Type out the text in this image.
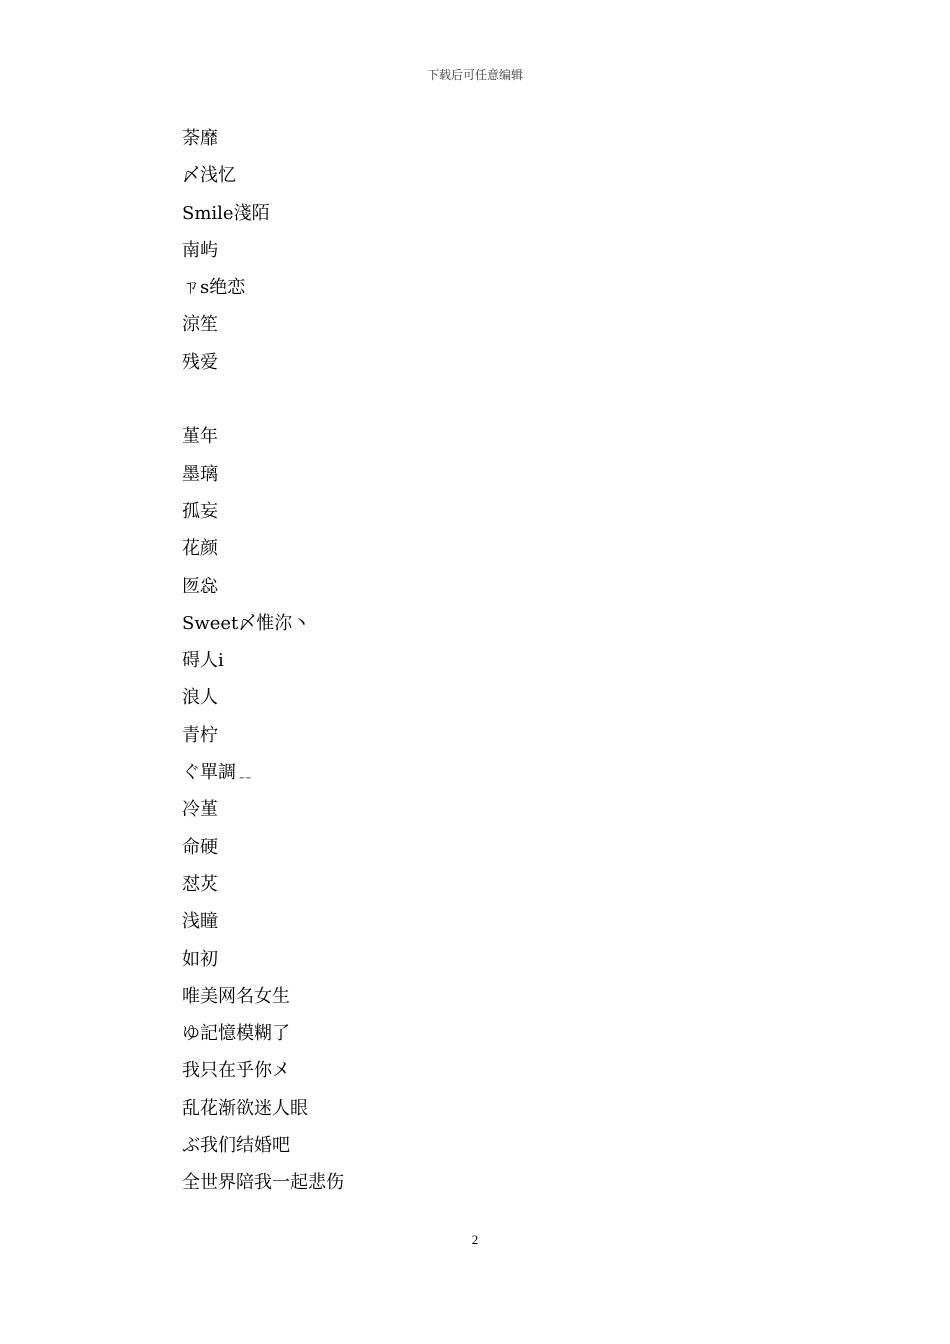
下载后可任意编辑
荼靡
〆浅忆
Smile淺陌
南屿
ㄗs绝恋
涼笙
残爱
堇年
墨璃
孤妄
花颜
匢惢
Sweet〆惟沵丶
碍人i
浪人
青柠
ぐ單調﹎
冷堇
命硬
怼炗
浅瞳
如初
唯美网名女生
ゆ記憶模糊了
我只在乎你メ
乱花渐欲迷人眼
ぶ我们结婚吧
全世界陪我一起悲伤
2
